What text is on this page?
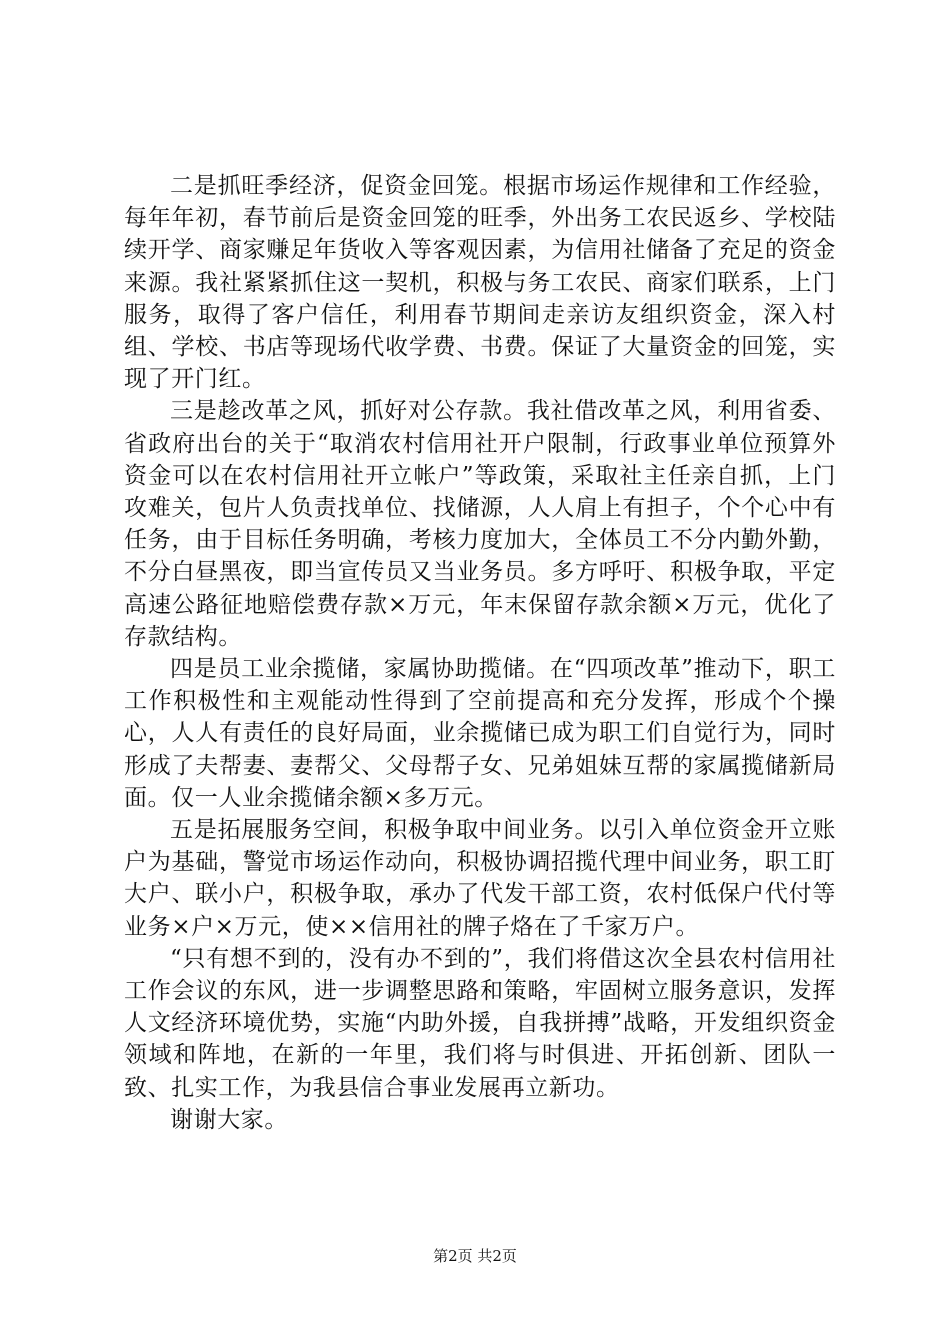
二是抓旺季经济，促资金回笼。根据市场运作规律和工作经验，每年年初，春节前后是资金回笼的旺季，外出务工农民返乡、学校陆续开学、商家赚足年货收入等客观因素，为信用社储备了充足的资金来源。我社紧紧抓住这一契机，积极与务工农民、商家们联系，上门服务，取得了客户信任，利用春节期间走亲访友组织资金，深入村组、学校、书店等现场代收学费、书费。保证了大量资金的回笼，实现了开门红。

三是趁改革之风，抓好对公存款。我社借改革之风，利用省委、省政府出台的关于“取消农村信用社开户限制，行政事业单位预算外资金可以在农村信用社开立帐户”等政策，采取社主任亲自抓，上门攻难关，包片人负责找单位、找储源，人人肩上有担子，个个心中有任务，由于目标任务明确，考核力度加大，全体员工不分内勤外勤，不分白昼黑夜，即当宣传员又当业务员。多方呼吁、积极争取，平定高速公路征地赔偿费存款×万元，年末保留存款余额×万元，优化了存款结构。

四是员工业余揽储，家属协助揽储。在“四项改革”推动下，职工工作积极性和主观能动性得到了空前提高和充分发挥，形成个个操心，人人有责任的良好局面，业余揽储已成为职工们自觉行为，同时形成了夫帮妻、妻帮父、父母帮子女、兄弟姐妹互帮的家属揽储新局面。仅一人业余揽储余额×多万元。

五是拓展服务空间，积极争取中间业务。以引入单位资金开立账户为基础，警觉市场运作动向，积极协调招揽代理中间业务，职工盯大户、联小户，积极争取，承办了代发干部工资，农村低保户代付等业务×户×万元，使××信用社的牌子烙在了千家万户。

“只有想不到的，没有办不到的”，我们将借这次全县农村信用社工作会议的东风，进一步调整思路和策略，牢固树立服务意识，发挥人文经济环境优势，实施“内助外援，自我拼搏”战略，开发组织资金领域和阵地，在新的一年里，我们将与时俱进、开拓创新、团队一致、扎实工作，为我县信合事业发展再立新功。

谢谢大家。

第2页 共2页
